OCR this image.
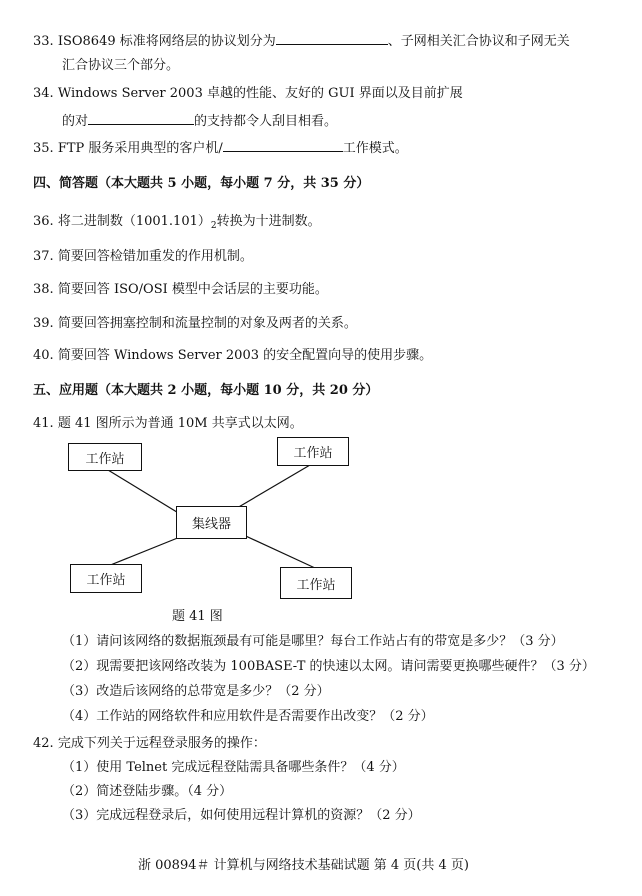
33. ISO8649 标准将网络层的协议划分为	、子网相关汇合协议和子网无关
汇合协议三个部分。
34. Windows Server 2003 卓越的性能、友好的 GUI 界面以及目前扩展
的对	的支持都令人刮目相看。
35. FTP 服务采用典型的客户机/	工作模式。
四、简答题（本大题共 5 小题，每小题 7 分，共 35 分）
36. 将二进制数$(1001.101)_2$转换为十进制数。
37. 简要回答检错加重发的作用机制。
38. 简要回答 ISO/OSI 模型中会话层的主要功能。
39. 简要回答拥塞控制和流量控制的对象及两者的关系。
40. 简要回答 Windows Server 2003 的安全配置向导的使用步骤。
五、应用题（本大题共 2 小题，每小题 10 分，共 20 分）
41. 题 41 图所示为普通 10M 共享式以太网。
工作站	工作站
集线器
工作站	工作站
题 41 图
（1）请问该网络的数据瓶颈最有可能是哪里？每台工作站占有的带宽是多少？（3 分）
（2）现需要把该网络改装为 100BASE-T 的快速以太网。请问需要更换哪些硬件？（3 分）
（3）改造后该网络的总带宽是多少？（2 分）
（4）工作站的网络软件和应用软件是否需要作出改变？（2 分）
42. 完成下列关于远程登录服务的操作：
（1）使用 Telnet 完成远程登陆需具备哪些条件？（4 分）
（2）简述登陆步骤。（4 分）
（3）完成远程登录后，如何使用远程计算机的资源？（2 分）
浙 00894＃ 计算机与网络技术基础试题 第 4 页(共 4 页)
